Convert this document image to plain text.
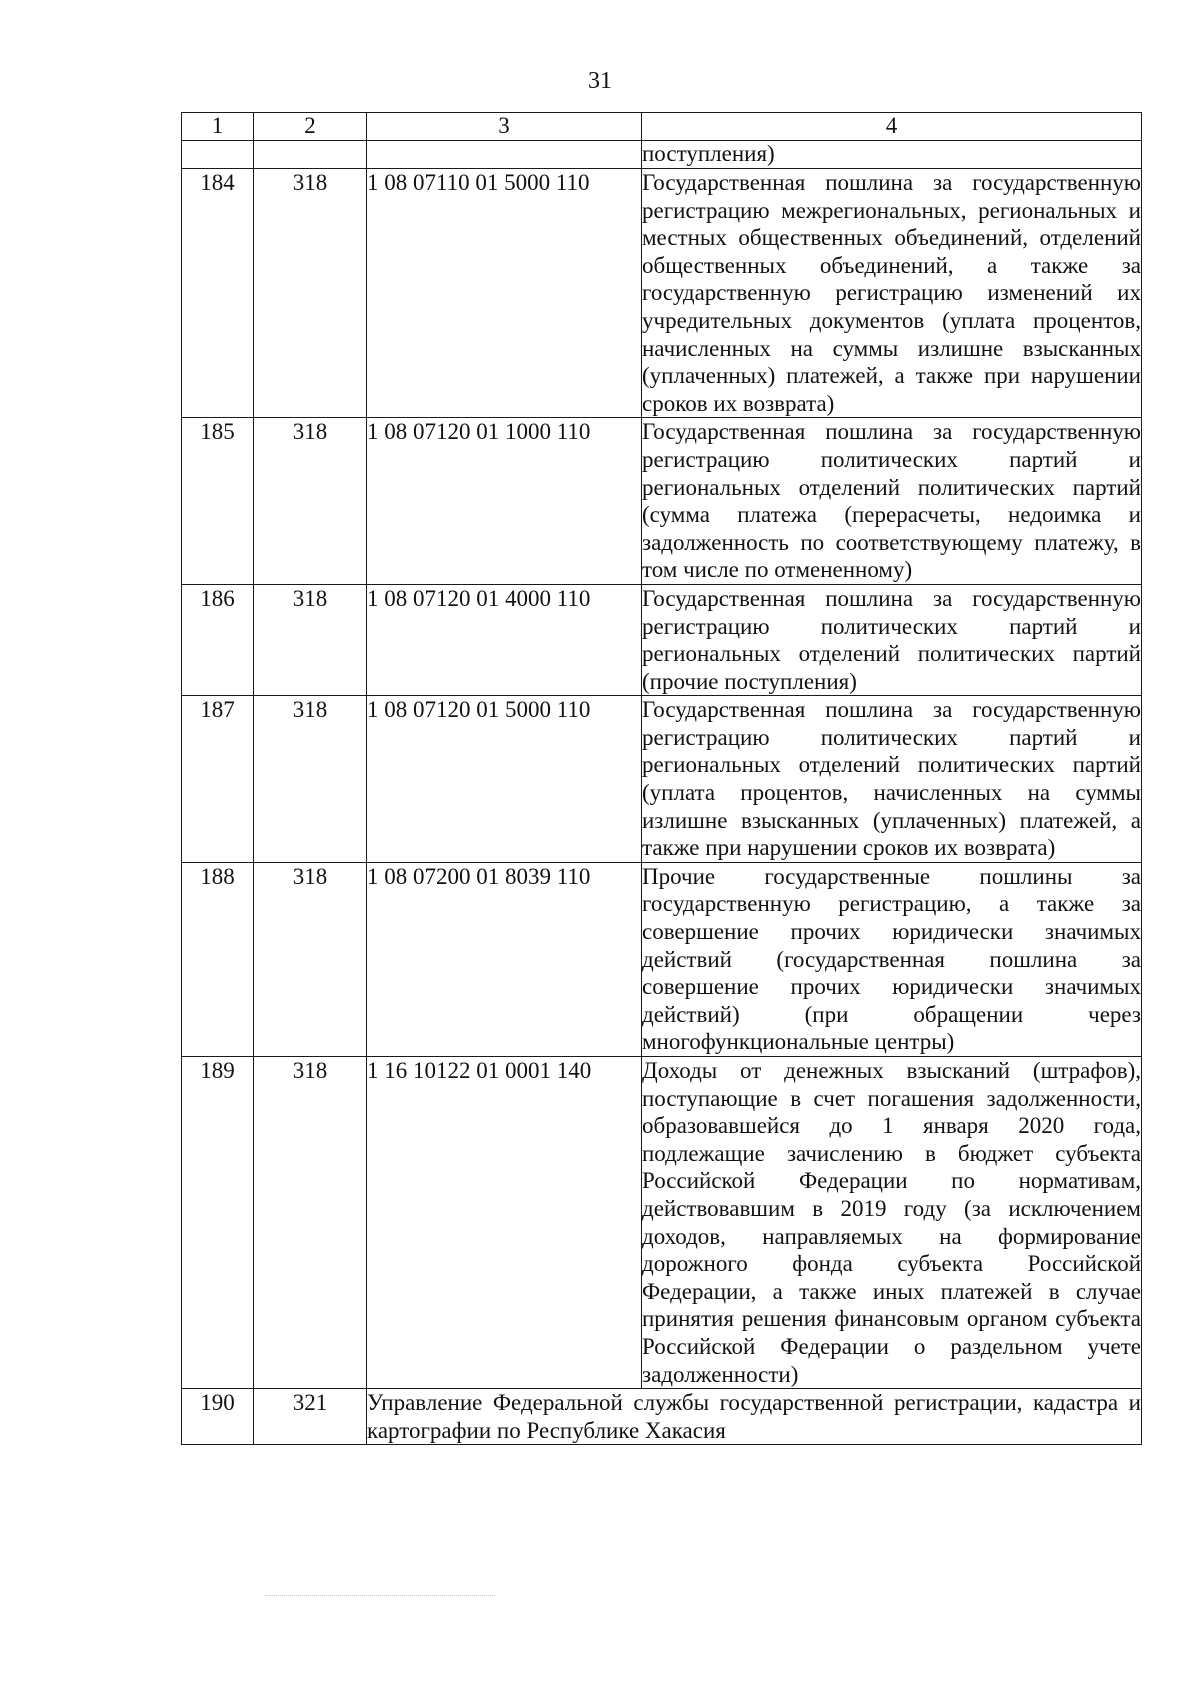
31
1	2	3	4
			поступления)
184	318	1 08 07110 01 5000 110	Государственная пошлина за государственную регистрацию межрегиональных, региональных и местных общественных объединений, отделений общественных объединений, а также за государственную регистрацию изменений их учредительных документов (уплата процентов, начисленных на суммы излишне взысканных (уплаченных) платежей, а также при нарушении сроков их возврата)
185	318	1 08 07120 01 1000 110	Государственная пошлина за государственную регистрацию политических партий и региональных отделений политических партий (сумма платежа (перерасчеты, недоимка и задолженность по соответствующему платежу, в том числе по отмененному)
186	318	1 08 07120 01 4000 110	Государственная пошлина за государственную регистрацию политических партий и региональных отделений политических партий (прочие поступления)
187	318	1 08 07120 01 5000 110	Государственная пошлина за государственную регистрацию политических партий и региональных отделений политических партий (уплата процентов, начисленных на суммы излишне взысканных (уплаченных) платежей, а также при нарушении сроков их возврата)
188	318	1 08 07200 01 8039 110	Прочие государственные пошлины за государственную регистрацию, а также за совершение прочих юридически значимых действий (государственная пошлина за совершение прочих юридически значимых действий) (при обращении через многофункциональные центры)
189	318	1 16 10122 01 0001 140	Доходы от денежных взысканий (штрафов), поступающие в счет погашения задолженности, образовавшейся до 1 января 2020 года, подлежащие зачислению в бюджет субъекта Российской Федерации по нормативам, действовавшим в 2019 году (за исключением доходов, направляемых на формирование дорожного фонда субъекта Российской Федерации, а также иных платежей в случае принятия решения финансовым органом субъекта Российской Федерации о раздельном учете задолженности)
190	321	Управление Федеральной службы государственной регистрации, кадастра и картографии по Республике Хакасия	
